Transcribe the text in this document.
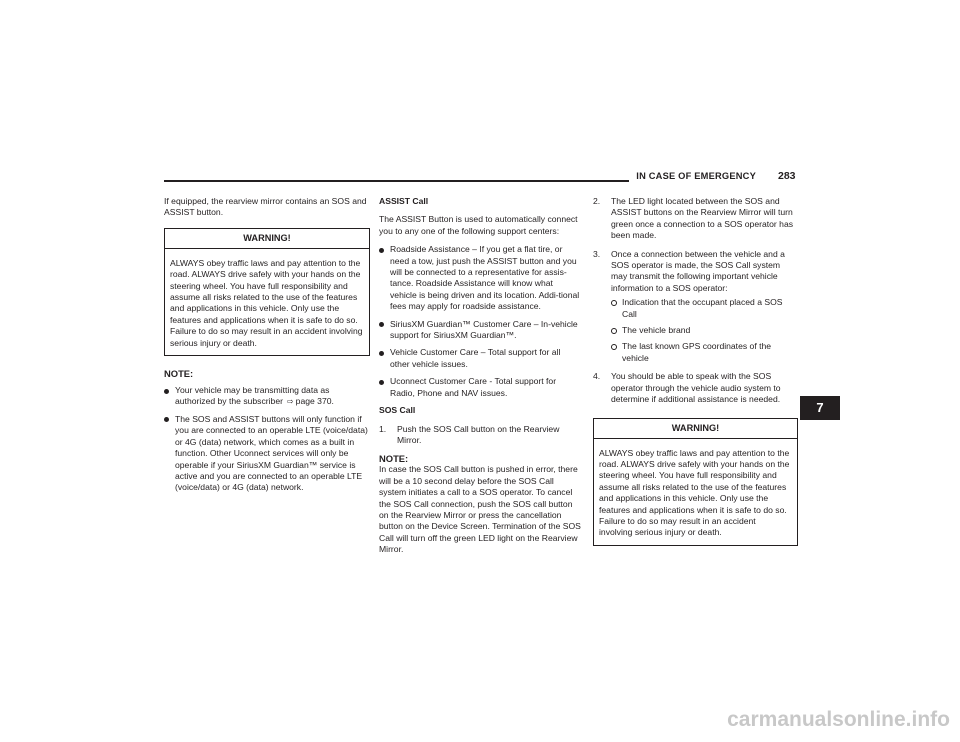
IN CASE OF EMERGENCY	283

If equipped, the rearview mirror contains an SOS and ASSIST button.

WARNING!
ALWAYS obey traffic laws and pay attention to the road. ALWAYS drive safely with your hands on the steering wheel. You have full responsibility and assume all risks related to the use of the features and applications in this vehicle. Only use the features and applications when it is safe to do so. Failure to do so may result in an accident involving serious injury or death.
NOTE:
Your vehicle may be transmitting data as authorized by the subscriber ⇨ page 370.
The SOS and ASSIST buttons will only function if you are connected to an operable LTE (voice/data) or 4G (data) network, which comes as a built in function. Other Uconnect services will only be operable if your SiriusXM Guardian™ service is active and you are connected to an operable LTE (voice/data) or 4G (data) network.
ASSIST Call

The ASSIST Button is used to automatically connect you to any one of the following support centers:

Roadside Assistance – If you get a flat tire, or need a tow, just push the ASSIST button and you will be connected to a representative for assis-tance. Roadside Assistance will know what vehicle is being driven and its location. Addi-tional fees may apply for roadside assistance.
SiriusXM Guardian™ Customer Care – In-vehicle support for SiriusXM Guardian™.
Vehicle Customer Care – Total support for all other vehicle issues.
Uconnect Customer Care - Total support for Radio, Phone and NAV issues.
SOS Call
1. Push the SOS Call button on the Rearview Mirror.
NOTE:

In case the SOS Call button is pushed in error, there will be a 10 second delay before the SOS Call system initiates a call to a SOS operator. To cancel the SOS Call connection, push the SOS call button on the Rearview Mirror or press the cancellation button on the Device Screen. Termination of the SOS Call will turn off the green LED light on the Rearview Mirror.

2. The LED light located between the SOS and ASSIST buttons on the Rearview Mirror will turn green once a connection to a SOS operator has been made.
3. Once a connection between the vehicle and a SOS operator is made, the SOS Call system may transmit the following important vehicle information to a SOS operator:
Indication that the occupant placed a SOS Call
The vehicle brand
The last known GPS coordinates of the vehicle
4. You should be able to speak with the SOS operator through the vehicle audio system to determine if additional assistance is needed.
WARNING!
ALWAYS obey traffic laws and pay attention to the road. ALWAYS drive safely with your hands on the steering wheel. You have full responsibility and assume all risks related to the use of the features and applications in this vehicle. Only use the features and applications when it is safe to do so. Failure to do so may result in an accident involving serious injury or death.
7
carmanualsonline.info
